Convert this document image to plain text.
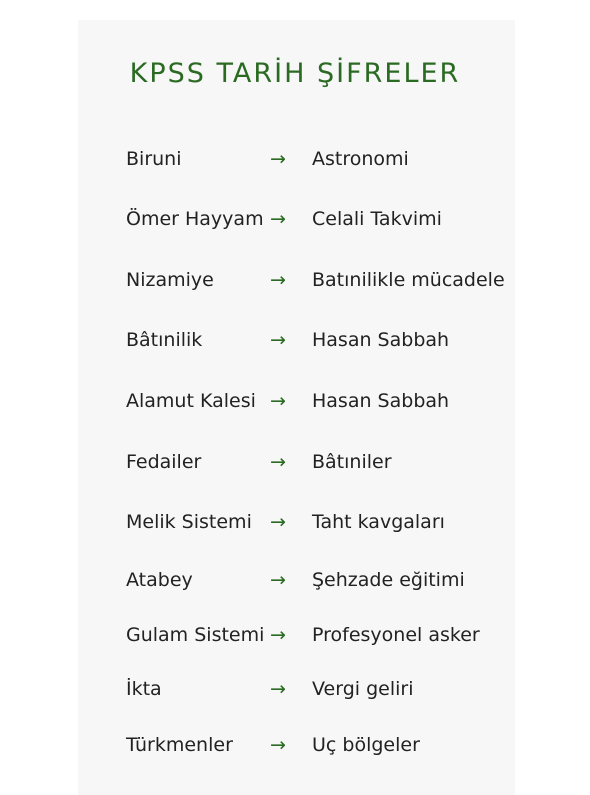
KPSS TARİH ŞİFRELER
Biruni	→ Astronomi
Ömer Hayyam → Celali Takvimi
Nizamiye	→ Batınilikle mücadele
Bâtınilik	→ Hasan Sabbah
Alamut Kalesi → Hasan Sabbah
Fedailer	→ Bâtıniler
Melik Sistemi → Taht kavgaları
Atabey	→ Şehzade eğitimi
Gulam Sistemi → Profesyonel asker
İkta	→ Vergi geliri
Türkmenler → Uç bölgeler
